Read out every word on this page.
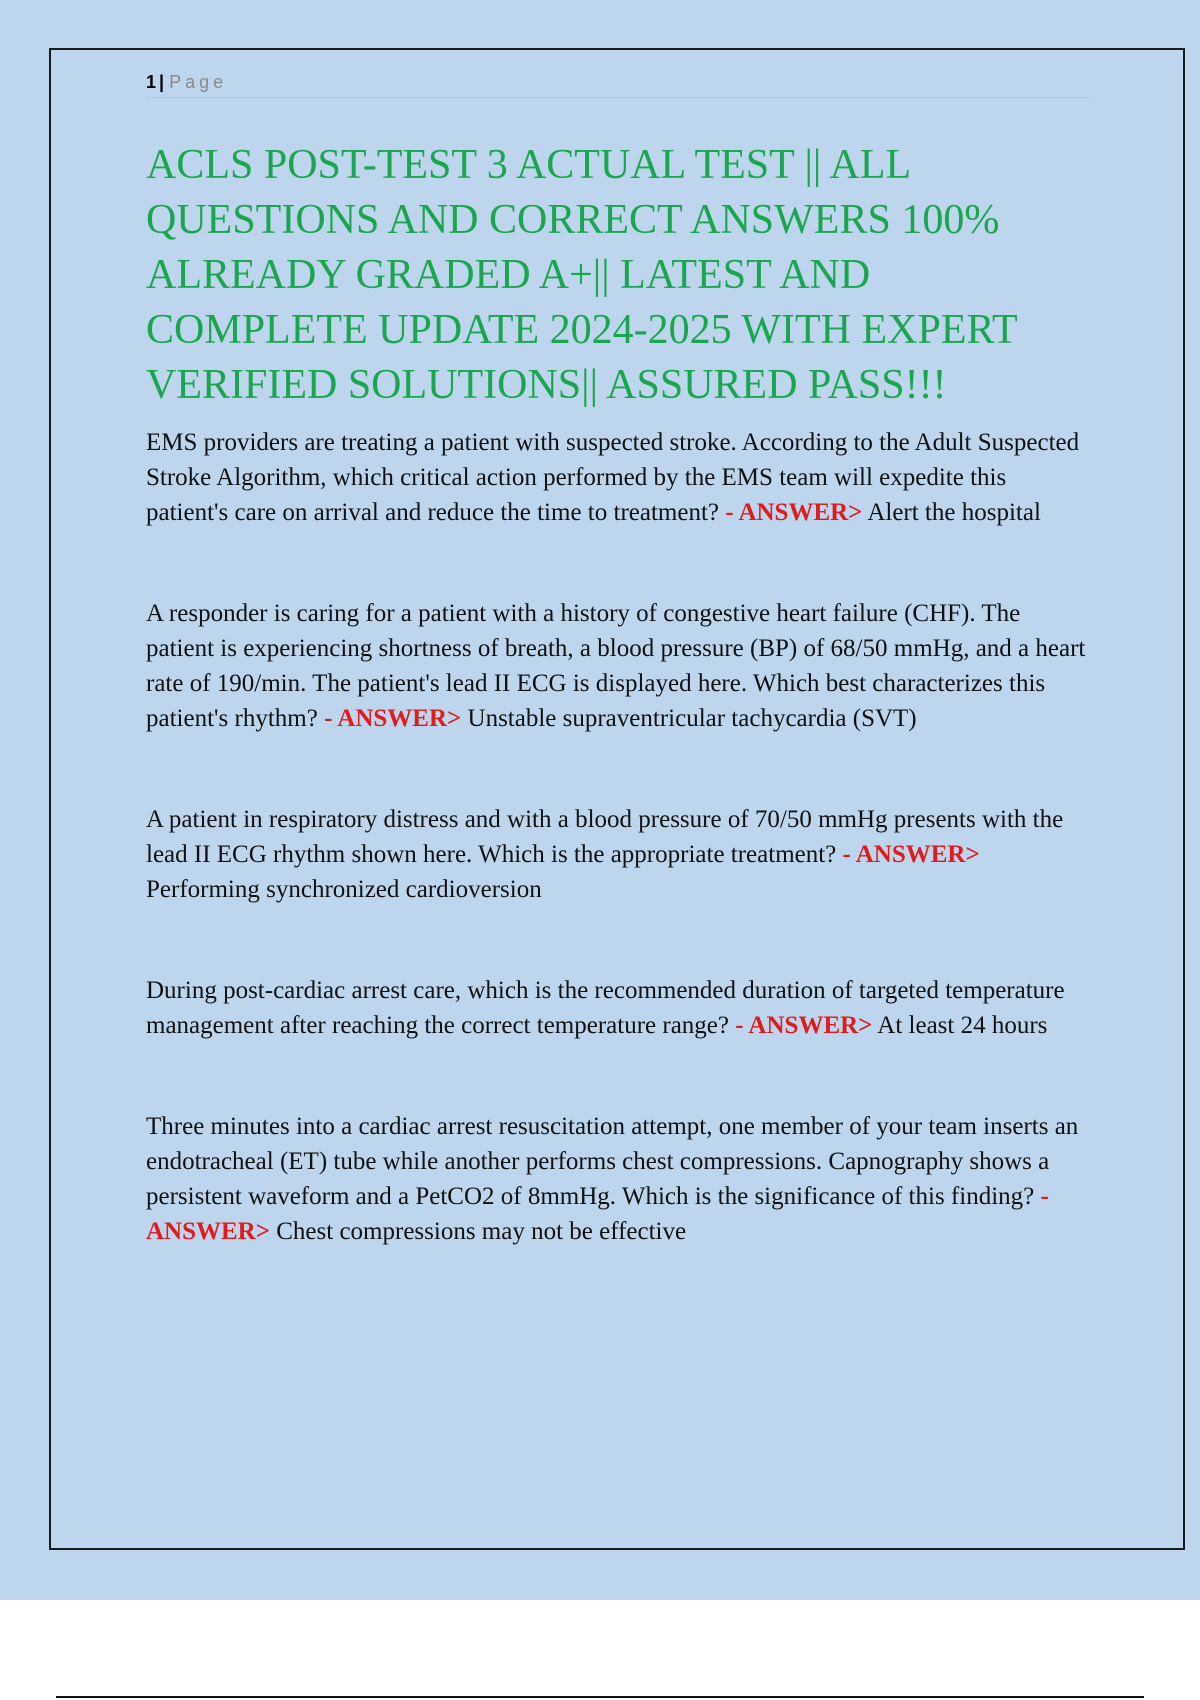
1 | Page
ACLS POST-TEST 3 ACTUAL TEST || ALL QUESTIONS AND CORRECT ANSWERS 100% ALREADY GRADED A+|| LATEST AND COMPLETE UPDATE 2024-2025 WITH EXPERT VERIFIED SOLUTIONS|| ASSURED PASS!!!

EMS providers are treating a patient with suspected stroke. According to the Adult Suspected Stroke Algorithm, which critical action performed by the EMS team will expedite this patient's care on arrival and reduce the time to treatment? - ANSWER> Alert the hospital

A responder is caring for a patient with a history of congestive heart failure (CHF). The patient is experiencing shortness of breath, a blood pressure (BP) of 68/50 mmHg, and a heart rate of 190/min. The patient's lead II ECG is displayed here. Which best characterizes this patient's rhythm? - ANSWER> Unstable supraventricular tachycardia (SVT)

A patient in respiratory distress and with a blood pressure of 70/50 mmHg presents with the lead II ECG rhythm shown here. Which is the appropriate treatment? - ANSWER> Performing synchronized cardioversion

During post-cardiac arrest care, which is the recommended duration of targeted temperature management after reaching the correct temperature range? - ANSWER> At least 24 hours

Three minutes into a cardiac arrest resuscitation attempt, one member of your team inserts an endotracheal (ET) tube while another performs chest compressions. Capnography shows a persistent waveform and a PetCO2 of 8mmHg. Which is the significance of this finding? - ANSWER> Chest compressions may not be effective
